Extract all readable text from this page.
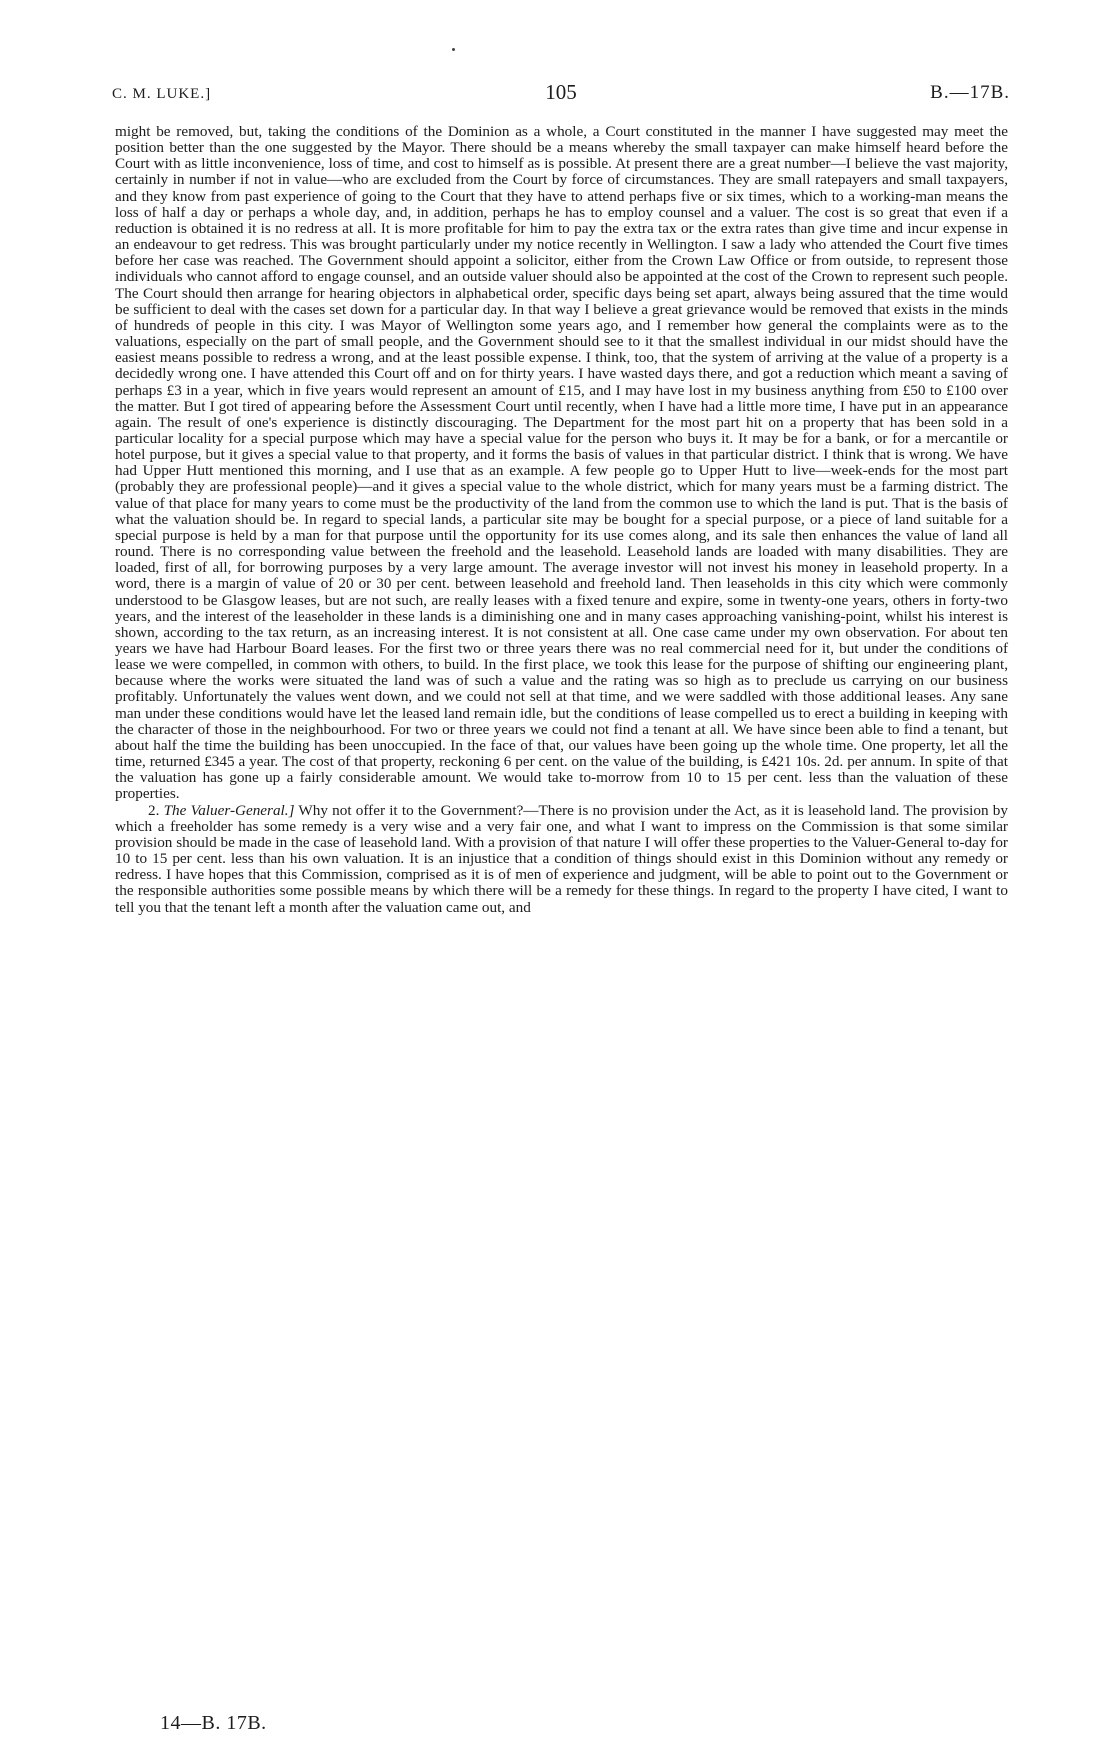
C. M. LUKE.]	105	B.—17B.

might be removed, but, taking the conditions of the Dominion as a whole, a Court constituted in the manner I have suggested may meet the position better than the one suggested by the Mayor. There should be a means whereby the small taxpayer can make himself heard before the Court with as little inconvenience, loss of time, and cost to himself as is possible. At present there are a great number—I believe the vast majority, certainly in number if not in value—who are excluded from the Court by force of circumstances. They are small ratepayers and small taxpayers, and they know from past experience of going to the Court that they have to attend perhaps five or six times, which to a working-man means the loss of half a day or perhaps a whole day, and, in addition, perhaps he has to employ counsel and a valuer. The cost is so great that even if a reduction is obtained it is no redress at all. It is more profitable for him to pay the extra tax or the extra rates than give time and incur expense in an endeavour to get redress. This was brought particularly under my notice recently in Wellington. I saw a lady who attended the Court five times before her case was reached. The Government should appoint a solicitor, either from the Crown Law Office or from outside, to represent those individuals who cannot afford to engage counsel, and an outside valuer should also be appointed at the cost of the Crown to represent such people. The Court should then arrange for hearing objectors in alphabetical order, specific days being set apart, always being assured that the time would be sufficient to deal with the cases set down for a particular day. In that way I believe a great grievance would be removed that exists in the minds of hundreds of people in this city. I was Mayor of Wellington some years ago, and I remember how general the complaints were as to the valuations, especially on the part of small people, and the Government should see to it that the smallest individual in our midst should have the easiest means possible to redress a wrong, and at the least possible expense. I think, too, that the system of arriving at the value of a property is a decidedly wrong one. I have attended this Court off and on for thirty years. I have wasted days there, and got a reduction which meant a saving of perhaps £3 in a year, which in five years would represent an amount of £15, and I may have lost in my business anything from £50 to £100 over the matter. But I got tired of appearing before the Assessment Court until recently, when I have had a little more time, I have put in an appearance again. The result of one's experience is distinctly discouraging. The Department for the most part hit on a property that has been sold in a particular locality for a special purpose which may have a special value for the person who buys it. It may be for a bank, or for a mercantile or hotel purpose, but it gives a special value to that property, and it forms the basis of values in that particular district. I think that is wrong. We have had Upper Hutt mentioned this morning, and I use that as an example. A few people go to Upper Hutt to live—week-ends for the most part (probably they are professional people)—and it gives a special value to the whole district, which for many years must be a farming district. The value of that place for many years to come must be the productivity of the land from the common use to which the land is put. That is the basis of what the valuation should be. In regard to special lands, a particular site may be bought for a special purpose, or a piece of land suitable for a special purpose is held by a man for that purpose until the opportunity for its use comes along, and its sale then enhances the value of land all round. There is no corresponding value between the freehold and the leasehold. Leasehold lands are loaded with many disabilities. They are loaded, first of all, for borrowing purposes by a very large amount. The average investor will not invest his money in leasehold property. In a word, there is a margin of value of 20 or 30 per cent. between leasehold and freehold land. Then leaseholds in this city which were commonly understood to be Glasgow leases, but are not such, are really leases with a fixed tenure and expire, some in twenty-one years, others in forty-two years, and the interest of the leaseholder in these lands is a diminishing one and in many cases approaching vanishing-point, whilst his interest is shown, according to the tax return, as an increasing interest. It is not consistent at all. One case came under my own observation. For about ten years we have had Harbour Board leases. For the first two or three years there was no real commercial need for it, but under the conditions of lease we were compelled, in common with others, to build. In the first place, we took this lease for the purpose of shifting our engineering plant, because where the works were situated the land was of such a value and the rating was so high as to preclude us carrying on our business profitably. Unfortunately the values went down, and we could not sell at that time, and we were saddled with those additional leases. Any sane man under these conditions would have let the leased land remain idle, but the conditions of lease compelled us to erect a building in keeping with the character of those in the neighbourhood. For two or three years we could not find a tenant at all. We have since been able to find a tenant, but about half the time the building has been unoccupied. In the face of that, our values have been going up the whole time. One property, let all the time, returned £345 a year. The cost of that property, reckoning 6 per cent. on the value of the building, is £421 10s. 2d. per annum. In spite of that the valuation has gone up a fairly considerable amount. We would take to-morrow from 10 to 15 per cent. less than the valuation of these properties.

2. The Valuer-General.] Why not offer it to the Government?—There is no provision under the Act, as it is leasehold land. The provision by which a freeholder has some remedy is a very wise and a very fair one, and what I want to impress on the Commission is that some similar provision should be made in the case of leasehold land. With a provision of that nature I will offer these properties to the Valuer-General to-day for 10 to 15 per cent. less than his own valuation. It is an injustice that a condition of things should exist in this Dominion without any remedy or redress. I have hopes that this Commission, comprised as it is of men of experience and judgment, will be able to point out to the Government or the responsible authorities some possible means by which there will be a remedy for these things. In regard to the property I have cited, I want to tell you that the tenant left a month after the valuation came out, and

14—B. 17B.
